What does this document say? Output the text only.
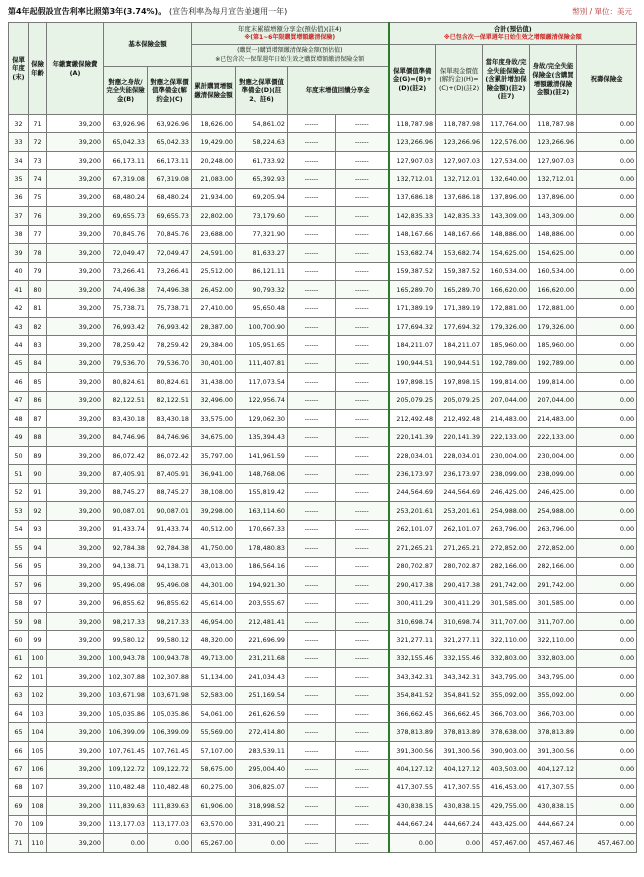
第4年起假設宣告利率比照第3年(3.74%)。 (宣告利率為每月宣告並適用一年)	幣別 / 單位：美元
保單年度(末)	保險年齡	年繳實繳保險費(A)	基本保險金額		年度末累積增額分享金(預估值)(註4)
※(第1~6年限購買增額繳清保險)				合計(預估值)
※已包含次一保單週年日始生效之增額繳清保險金額				

					(購買一)購買增額繳清保險金額(預估值)
※已包含次一保單週年日始生效之購買增額繳清保險金額				保單價值準備金(G)=(B)+(D)(註2)	保單現金價值(解約金)(H)=(C)+(D)(註2)	當年度身故/完全失能保險金(含累計增加保險金額)(註2)(註7)	身故/完全失能保險金(含購買增額繳清保險金額)(註2)	祝壽保險金
			對應之身故/完全失能保險金(B)	對應之保單價值準備金(解約金)(C)	累計購買增額繳清保險金額	對應之保單價值準備金(D)(註2、註6)	年度末增值回饋分享金						
32	71	39,200	63,926.96	63,926.96	18,626.00	54,861.02	------	------	118,787.98	118,787.98	117,764.00	118,787.98	0.00
33	72	39,200	65,042.33	65,042.33	19,429.00	58,224.63	------	------	123,266.96	123,266.96	122,576.00	123,266.96	0.00
34	73	39,200	66,173.11	66,173.11	20,248.00	61,733.92	------	------	127,907.03	127,907.03	127,534.00	127,907.03	0.00
35	74	39,200	67,319.08	67,319.08	21,083.00	65,392.93	------	------	132,712.01	132,712.01	132,640.00	132,712.01	0.00
36	75	39,200	68,480.24	68,480.24	21,934.00	69,205.94	------	------	137,686.18	137,686.18	137,896.00	137,896.00	0.00
37	76	39,200	69,655.73	69,655.73	22,802.00	73,179.60	------	------	142,835.33	142,835.33	143,309.00	143,309.00	0.00
38	77	39,200	70,845.76	70,845.76	23,688.00	77,321.90	------	------	148,167.66	148,167.66	148,886.00	148,886.00	0.00
39	78	39,200	72,049.47	72,049.47	24,591.00	81,633.27	------	------	153,682.74	153,682.74	154,625.00	154,625.00	0.00
40	79	39,200	73,266.41	73,266.41	25,512.00	86,121.11	------	------	159,387.52	159,387.52	160,534.00	160,534.00	0.00
41	80	39,200	74,496.38	74,496.38	26,452.00	90,793.32	------	------	165,289.70	165,289.70	166,620.00	166,620.00	0.00
42	81	39,200	75,738.71	75,738.71	27,410.00	95,650.48	------	------	171,389.19	171,389.19	172,881.00	172,881.00	0.00
43	82	39,200	76,993.42	76,993.42	28,387.00	100,700.90	------	------	177,694.32	177,694.32	179,326.00	179,326.00	0.00
44	83	39,200	78,259.42	78,259.42	29,384.00	105,951.65	------	------	184,211.07	184,211.07	185,960.00	185,960.00	0.00
45	84	39,200	79,536.70	79,536.70	30,401.00	111,407.81	------	------	190,944.51	190,944.51	192,789.00	192,789.00	0.00
46	85	39,200	80,824.61	80,824.61	31,438.00	117,073.54	------	------	197,898.15	197,898.15	199,814.00	199,814.00	0.00
47	86	39,200	82,122.51	82,122.51	32,496.00	122,956.74	------	------	205,079.25	205,079.25	207,044.00	207,044.00	0.00
48	87	39,200	83,430.18	83,430.18	33,575.00	129,062.30	------	------	212,492.48	212,492.48	214,483.00	214,483.00	0.00
49	88	39,200	84,746.96	84,746.96	34,675.00	135,394.43	------	------	220,141.39	220,141.39	222,133.00	222,133.00	0.00
50	89	39,200	86,072.42	86,072.42	35,797.00	141,961.59	------	------	228,034.01	228,034.01	230,004.00	230,004.00	0.00
51	90	39,200	87,405.91	87,405.91	36,941.00	148,768.06	------	------	236,173.97	236,173.97	238,099.00	238,099.00	0.00
52	91	39,200	88,745.27	88,745.27	38,108.00	155,819.42	------	------	244,564.69	244,564.69	246,425.00	246,425.00	0.00
53	92	39,200	90,087.01	90,087.01	39,298.00	163,114.60	------	------	253,201.61	253,201.61	254,988.00	254,988.00	0.00
54	93	39,200	91,433.74	91,433.74	40,512.00	170,667.33	------	------	262,101.07	262,101.07	263,796.00	263,796.00	0.00
55	94	39,200	92,784.38	92,784.38	41,750.00	178,480.83	------	------	271,265.21	271,265.21	272,852.00	272,852.00	0.00
56	95	39,200	94,138.71	94,138.71	43,013.00	186,564.16	------	------	280,702.87	280,702.87	282,166.00	282,166.00	0.00
57	96	39,200	95,496.08	95,496.08	44,301.00	194,921.30	------	------	290,417.38	290,417.38	291,742.00	291,742.00	0.00
58	97	39,200	96,855.62	96,855.62	45,614.00	203,555.67	------	------	300,411.29	300,411.29	301,585.00	301,585.00	0.00
59	98	39,200	98,217.33	98,217.33	46,954.00	212,481.41	------	------	310,698.74	310,698.74	311,707.00	311,707.00	0.00
60	99	39,200	99,580.12	99,580.12	48,320.00	221,696.99	------	------	321,277.11	321,277.11	322,110.00	322,110.00	0.00
61	100	39,200	100,943.78	100,943.78	49,713.00	231,211.68	------	------	332,155.46	332,155.46	332,803.00	332,803.00	0.00
62	101	39,200	102,307.88	102,307.88	51,134.00	241,034.43	------	------	343,342.31	343,342.31	343,795.00	343,795.00	0.00
63	102	39,200	103,671.98	103,671.98	52,583.00	251,169.54	------	------	354,841.52	354,841.52	355,092.00	355,092.00	0.00
64	103	39,200	105,035.86	105,035.86	54,061.00	261,626.59	------	------	366,662.45	366,662.45	366,703.00	366,703.00	0.00
65	104	39,200	106,399.09	106,399.09	55,569.00	272,414.80	------	------	378,813.89	378,813.89	378,638.00	378,813.89	0.00
66	105	39,200	107,761.45	107,761.45	57,107.00	283,539.11	------	------	391,300.56	391,300.56	390,903.00	391,300.56	0.00
67	106	39,200	109,122.72	109,122.72	58,675.00	295,004.40	------	------	404,127.12	404,127.12	403,503.00	404,127.12	0.00
68	107	39,200	110,482.48	110,482.48	60,275.00	306,825.07	------	------	417,307.55	417,307.55	416,453.00	417,307.55	0.00
69	108	39,200	111,839.63	111,839.63	61,906.00	318,998.52	------	------	430,838.15	430,838.15	429,755.00	430,838.15	0.00
70	109	39,200	113,177.03	113,177.03	63,570.00	331,490.21	------	------	444,667.24	444,667.24	443,425.00	444,667.24	0.00
71	110	39,200	0.00	0.00	65,267.00	0.00	------	------	0.00	0.00	457,467.00	457,467.46	457,467.00
